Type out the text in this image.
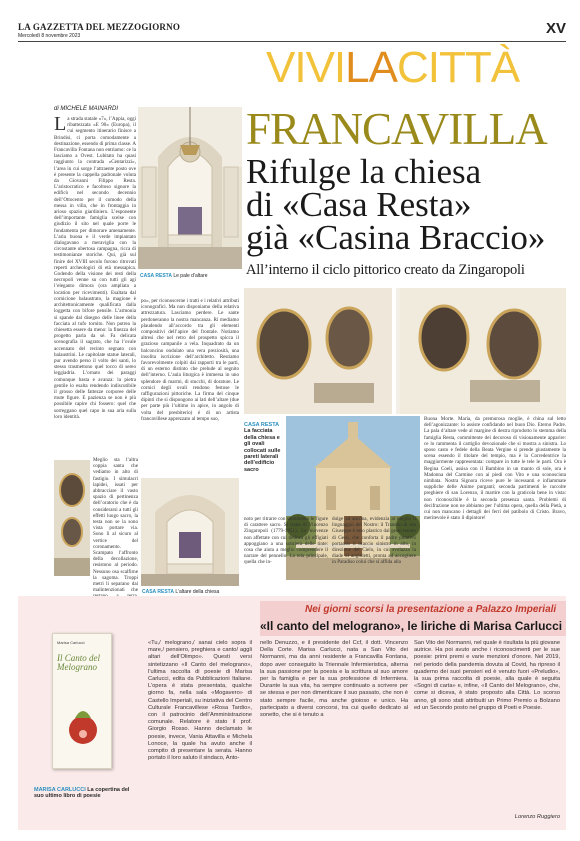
LA GAZZETTA DEL MEZZOGIORNO
Mercoledì 8 novembre 2023	XV
VIVILACITTÀ
di MICHELE MAINARDI
La strada statale «7», l’Appia, oggi ribattezzata «E 90» (Europa), il cui segmento itinerario finisce a Brindisi, ci porta comodamente a destinazione, essendo di prima classe. A Francavilla Fontana non entriamo: ce la lasciamo a Ovest. Lubitato ha quasi raggiunto la contrada «Centarizzi», l’area in cui sorge l’attraente posto ove è presente la cappella padronale voluta da Giovanni Filippo Resta. L’aristocratico e facoltoso signore la edificò nel secondo decennio dell’Ottocento per il comodo della messa in villa, che in frontaggia in arioso spazio giardiniero. L’esponente dell’importante famiglia scelse con giudizio il sito nel quale porre le fondamenta per dimorare amenamente. L’aria buona e il verde impiantato dialogavano a meraviglia con la circostante ubertosa campagna, ricca di testimonianze storiche. Qui, già sul finire del XVIII secolo furono ritrovati reperti archeologici di età messapica. Godendo della visione dei resti della necropoli venne su con tutti gli agi l’eleganto dimora (ora ampliata a location per ricevimenti). Esaltata dal cornicione balaustrato, la magione è architettonicamente qualificata dalla loggetta con bifore pensile. L’armonia si spande dal disegno delle linee della facciata al tufo tornito. Non potrea la chiesetta essere da meno: la finezza del progetto parla da sé. Fa delicata scenografia il sagrato, che ha l’ovale accennato del recinto segnato con balaustrini. Le capitolate statue laterali, pur avendo perso il volto dei santi, lo stesso trasmettono quel tocco di sereo leggiadria. L’ornato dei paraggi comunque basta e avanza: la pietra gentile lo esalta rendendo indiscutibile il grosso delle fattezze corporee delle mute figure. E pazienza se non è più possibile capire chi fossero: quel che sorreggano quel capo in sua aria sulla loro identità.
Meglio sta l’altra coppia santa che vediamo in alto di fastigio. I simulacri lapidei, issati per abbracciare il vasto spazio di pertinenza dell’oratorio che è da considerarsi a tutti gli effetti luogo sacro, la testa non se la sono vista portare via. Sono lì al sicuro al vertice del coronamento. Scampato l’affronto della decollazione, resistono al periodo. Nessuno osa scalfirne la sagoma. Troppi metri li separano dai malintenzionati che
CASA RESTA Le pale d’altare
FRANCAVILLA
Rifulge la chiesa
di «Casa Resta»
già «Casina Braccio»
All’interno il ciclo pittorico creato da Zingaropoli
po», per riconoscerne i tratti e i relativi attributi iconografici. Ma non disponiamo della relativa attrezzatura. Lasciamo perdere. Le sante perdoneranno la nostra mancanza. Ri mediamo plaudendo all’accordo tra gli elementi compositivi dell’apice del frontale. Notiamo altresì che nel retro del prospetto spicca il grazioso campanile a vela. Inquadrato da un balconcino ondulato una vera preziosità, una insolita iscrizione dell’architetto. Restiamo favorevolmente colpiti dai rapporti tra le parti, di un esterno distinto che prelude al segnito dell’interno. L’aula liturgica è immersa in uno splendore di marmi, di stucchi, di dorature. Le cornici degli ovali rendono festose le raffigurazioni pittoriche. La firma del cinque dipinti che si dispongono ai lati dell’altare (due per parte più l’ultimo in apice, in angolo di volta del presbiterio) è di un artista francavillese apprezzato al tempo suo,
CASA RESTA La facciata della chiesa e gli ovali collocati sulle pareti laterali dell’edificio sacro
CASA RESTA L’altare della chiesa
noto per ritrarre con sentimento le figure di carattere sacro. Si tratta di Vincenzo Zingaropoli (1779-1851). Le movenze non affettate con cui delinea gli effigiati appoggiano a una sobrietà delle tinte: cosa che aiuta a meglio comprendere il narrare del pennello. La tela principale, quella che in-
dulge ad ancona, evidenzia al meglio il linguaggio del Nostro: il Transito di san Giuseppe è reso plastico dal gesto tenuto di Gesù, che conforta il padre putativo portando il braccio sinistro in alto, in direzione del Cielo, in cui svolazza la diade di angioletti, pronta ad accogliere in Paradiso colui che si affida alla
Buona Morte. Maria, da premurosa moglie, è china sul letto dell’agonizzante: lo assiste confidando nel buon Dio. Eterno Padre. La pala d’altare vede al margine di destra riprodotto lo stemma della famiglia Resta, committente dei decoroso di visionamente apparire: ce lo rammenta il cartiglio devozionale che si mostra a sinistra. Lo sposo casto e fedele della Beata Vergine si prende giustamente la scena essendo il titolare del tempio, ma è la Corredentrice la maggiormente rappresentata: compare in tutte le tele le parti. Ora è Regina Coeli, assisa con il Bambino in un manto di sole, ora è Madonna del Carmine con ai piedi con Vito e una sconosciuta nimbata. Nostra Signora riceve pure le incessanti e infiammate suppliche delle Anime purganti; seconda partimenti le raccolte preghiere di san Lorenzo, il martire con la graticola bene in vista: non riconoscibile è la seconda presenza santa. Problemi di decifrazione non ne abbiamo per l’ultima opera, quella della Pietà, a cui non mancano i dettagli dei ferri del patibolo di Cristo. Bravo, meritevole è stato il dipintore!
Nei giorni scorsi la presentazione a Palazzo Imperiali
«Il canto del melograno», le liriche di Marisa Carlucci
Marisa Carlucci
Il Canto del Melograno
MARISA CARLUCCI La copertina del suo ultimo libro di poesie
«Tu,/ melograno,/ sanai cielo sopra il mare,/ pensiero, preghiera e canto/ aggli altari dell’Olimpo». Questi versi sintetizzano «Il Canto del melograno», l’ultima raccolta di poesie di Marisa Carlucci, edita da Pubblicazioni Italiane. L’opera è stata presentata, qualche giorno fa, nella sala «Mogavero» di Castello Imperiali, su iniziativa del Centro Culturale Francavillese «Rosa Tardio», con il patrocinio dell’Amministrazione comunale. Relatore è stato il prof. Giorgio Rosso. Hanno declamato le poesie, invece, Vania Attavilla e Michela Lonoce, la quale ha avuto anche il compito di presentare la serata. Hanno portato il loro saluto il sindaco, Anto-
nello Denuzzo, e il presidente del Ccf, il dott. Vincenzo Della Corte. Marisa Carlucci, nata a San Vito dei Normanni, ma da anni residente a Francavilla Fontana, dopo aver conseguito la Triennale Infermieristica, alterna la sua passione per la poesia e la scrittura al suo amore per la famiglia e per la sua professione di Infermiera. Durante la sua vita, ha sempre continuato a scrivere per se stessa e per non dimenticare il suo passato, che non è stato sempre facile, ma anche gioioso e unico. Ha partecipato a diversi concorsi, tra cui quello dedicato al sonetto, che si è tenuto a
San Vito dei Normanni, nel quale è risultata la più giovane autrice. Ha poi avuto anche i riconoscimenti per le sue poesie: primi premi e varie menzioni d’onore. Nel 2019, nel periodo della pandemia dovuta al Covid, ha ripreso il quaderno dei suoi pensieri ed è venuto fuori «Preludio», la sua prima raccolta di poesie, alla quale è seguita «Sogni di carta» e, infine, «Il Canto del Melograno», che, come si diceva, è stato proposto alla Città. Lo scorso anno, gli sono stati attribuiti un Primo Premio a Bolzano ed un Secondo posto nel gruppo di Poeti e Poesie.
Lorenzo Ruggiero
